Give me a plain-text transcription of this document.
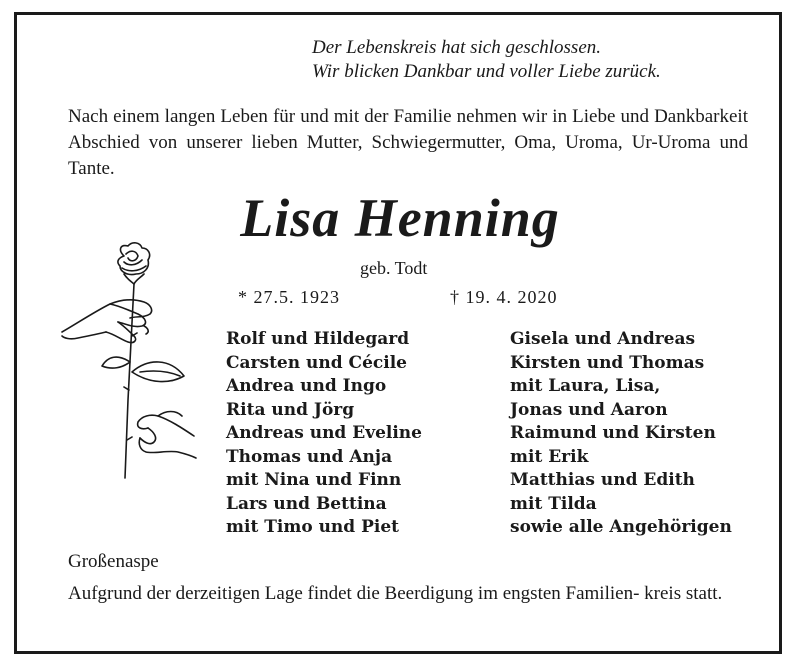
Der Lebenskreis hat sich geschlossen.
Wir blicken Dankbar und voller Liebe zurück.
Nach einem langen Leben für und mit der Familie nehmen wir in Liebe und Dankbarkeit Abschied von unserer lieben Mutter, Schwiegermutter, Oma, Uroma, Ur-Uroma und Tante.
Lisa Henning
geb. Todt
* 27.5. 1923	† 19. 4. 2020
Rolf und Hildegard
Carsten und Cécile
Andrea und Ingo
Rita und Jörg
Andreas und Eveline
Thomas und Anja
mit Nina und Finn
Lars und Bettina
mit Timo und Piet
Gisela und Andreas
Kirsten und Thomas
mit Laura, Lisa,
Jonas und Aaron
Raimund und Kirsten
mit Erik
Matthias und Edith
mit Tilda
sowie alle Angehörigen
Großenaspe
Aufgrund der derzeitigen Lage findet die Beerdigung im engsten Familien- kreis statt.
